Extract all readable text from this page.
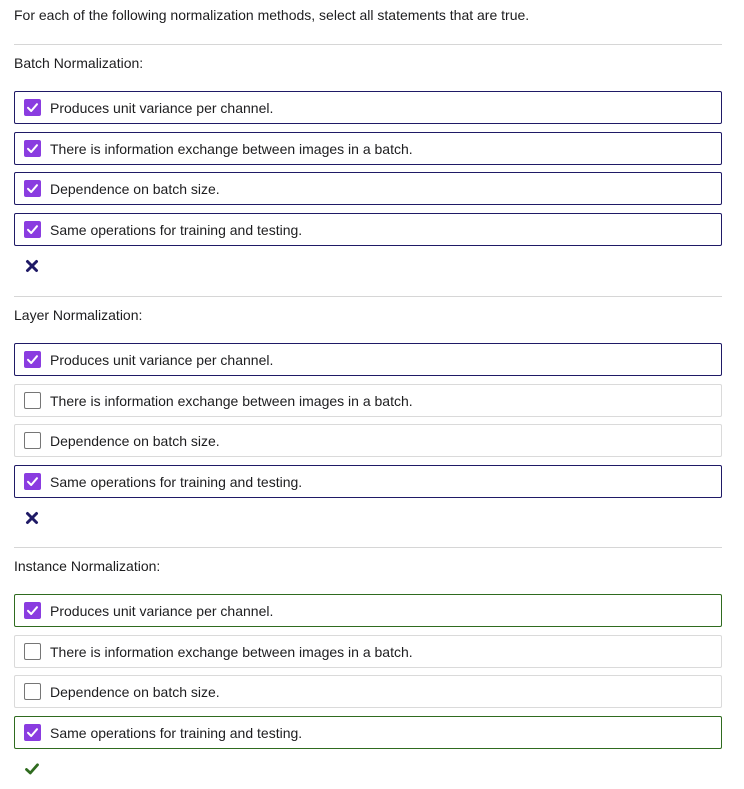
For each of the following normalization methods, select all statements that are true.
Batch Normalization:
Produces unit variance per channel.
There is information exchange between images in a batch.
Dependence on batch size.
Same operations for training and testing.
Layer Normalization:
Produces unit variance per channel.
There is information exchange between images in a batch.
Dependence on batch size.
Same operations for training and testing.
Instance Normalization:
Produces unit variance per channel.
There is information exchange between images in a batch.
Dependence on batch size.
Same operations for training and testing.
